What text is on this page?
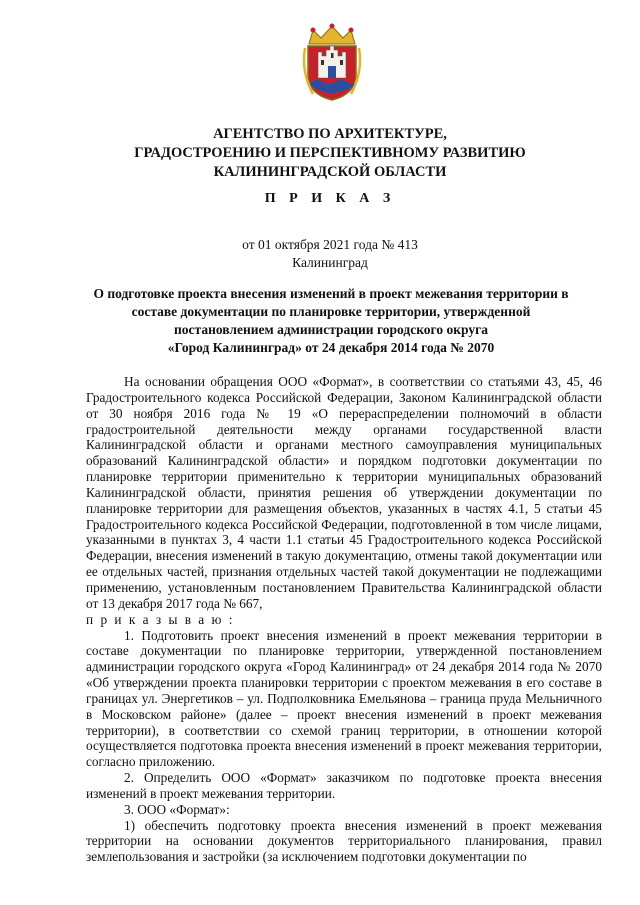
АГЕНТСТВО ПО АРХИТЕКТУРЕ,
ГРАДОСТРОЕНИЮ И ПЕРСПЕКТИВНОМУ РАЗВИТИЮ
КАЛИНИНГРАДСКОЙ ОБЛАСТИ
П Р И К А З
от 01 октября 2021 года № 413
Калининград
О подготовке проекта внесения изменений в проект межевания территории в
составе документации по планировке территории, утвержденной
постановлением администрации городского округа
«Город Калининград» от 24 декабря 2014 года № 2070

На основании обращения ООО «Формат», в соответствии со статьями 43, 45, 46 Градостроительного кодекса Российской Федерации, Законом Калининградской области от 30 ноября 2016 года № 19 «О перераспределении полномочий в области градостроительной деятельности между органами государственной власти Калининградской области и органами местного самоуправления муниципальных образований Калининградской области» и порядком подготовки документации по планировке территории применительно к территории муниципальных образований Калининградской области, принятия решения об утверждении документации по планировке территории для размещения объектов, указанных в частях 4.1, 5 статьи 45 Градостроительного кодекса Российской Федерации, подготовленной в том числе лицами, указанными в пунктах 3, 4 части 1.1 статьи 45 Градостроительного кодекса Российской Федерации, внесения изменений в такую документацию, отмены такой документации или ее отдельных частей, признания отдельных частей такой документации не подлежащими применению, установленным постановлением Правительства Калининградской области от 13 декабря 2017 года № 667,

п р и к а з ы в а ю :

1. Подготовить проект внесения изменений в проект межевания территории в составе документации по планировке территории, утвержденной постановлением администрации городского округа «Город Калининград» от 24 декабря 2014 года № 2070 «Об утверждении проекта планировки территории с проектом межевания в его составе в границах ул. Энергетиков – ул. Подполковника Емельянова – граница пруда Мельничного в Московском районе» (далее – проект внесения изменений в проект межевания территории), в соответствии со схемой границ территории, в отношении которой осуществляется подготовка проекта внесения изменений в проект межевания территории, согласно приложению.

2. Определить ООО «Формат» заказчиком по подготовке проекта внесения изменений в проект межевания территории.

3. ООО «Формат»:

1) обеспечить подготовку проекта внесения изменений в проект межевания территории на основании документов территориального планирования, правил землепользования и застройки (за исключением подготовки документации по
